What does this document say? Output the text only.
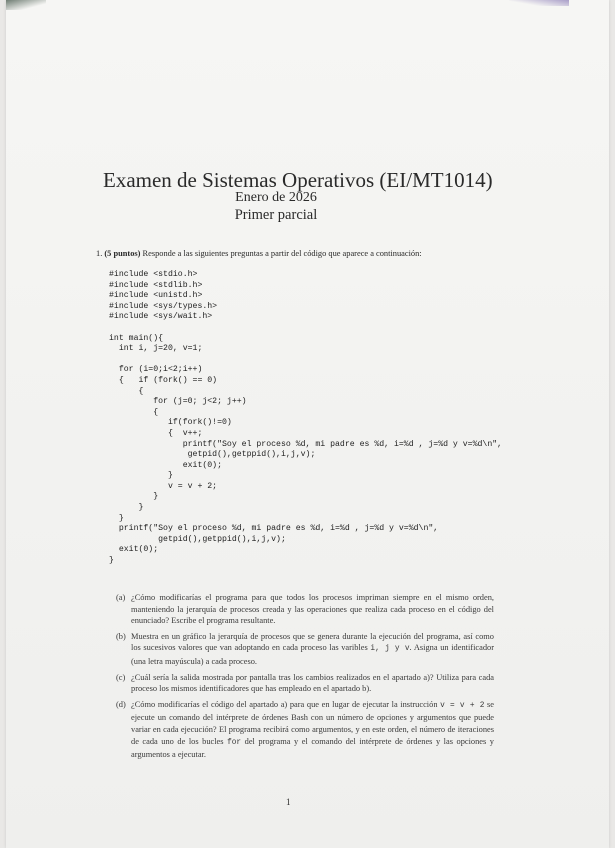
Examen de Sistemas Operativos (EI/MT1014)
Enero de 2026
Primer parcial
1. (5 puntos) Responde a las siguientes preguntas a partir del código que aparece a continuación:
#include <stdio.h>
#include <stdlib.h>
#include <unistd.h>
#include <sys/types.h>
#include <sys/wait.h>

int main(){
int i, j=20, v=1;

for (i=0;i<2;i++)
{   if (fork() == 0)
{
for (j=0; j<2; j++)
{
if(fork()!=0)
{  v++;
printf("Soy el proceso %d, mi padre es %d, i=%d , j=%d y v=%d\n",
getpid(),getppid(),i,j,v);
exit(0);
}
v = v + 2;
}
}
}
printf("Soy el proceso %d, mi padre es %d, i=%d , j=%d y v=%d\n",
getpid(),getppid(),i,j,v);
exit(0);
}
(a) ¿Cómo modificarías el programa para que todos los procesos impriman siempre en el mismo orden, manteniendo la jerarquía de procesos creada y las operaciones que realiza cada proceso en el código del enunciado? Escribe el programa resultante.
(b) Muestra en un gráfico la jerarquía de procesos que se genera durante la ejecución del programa, así como los sucesivos valores que van adoptando en cada proceso las varibles i, j y v. Asigna un identificador (una letra mayúscula) a cada proceso.
(c) ¿Cuál sería la salida mostrada por pantalla tras los cambios realizados en el apartado a)? Utiliza para cada proceso los mismos identificadores que has empleado en el apartado b).
(d) ¿Cómo modificarías el código del apartado a) para que en lugar de ejecutar la instrucción v = v + 2 se ejecute un comando del intérprete de órdenes Bash con un número de opciones y argumentos que puede variar en cada ejecución? El programa recibirá como argumentos, y en este orden, el número de iteraciones de cada uno de los bucles for del programa y el comando del intérprete de órdenes y las opciones y argumentos a ejecutar.
1
